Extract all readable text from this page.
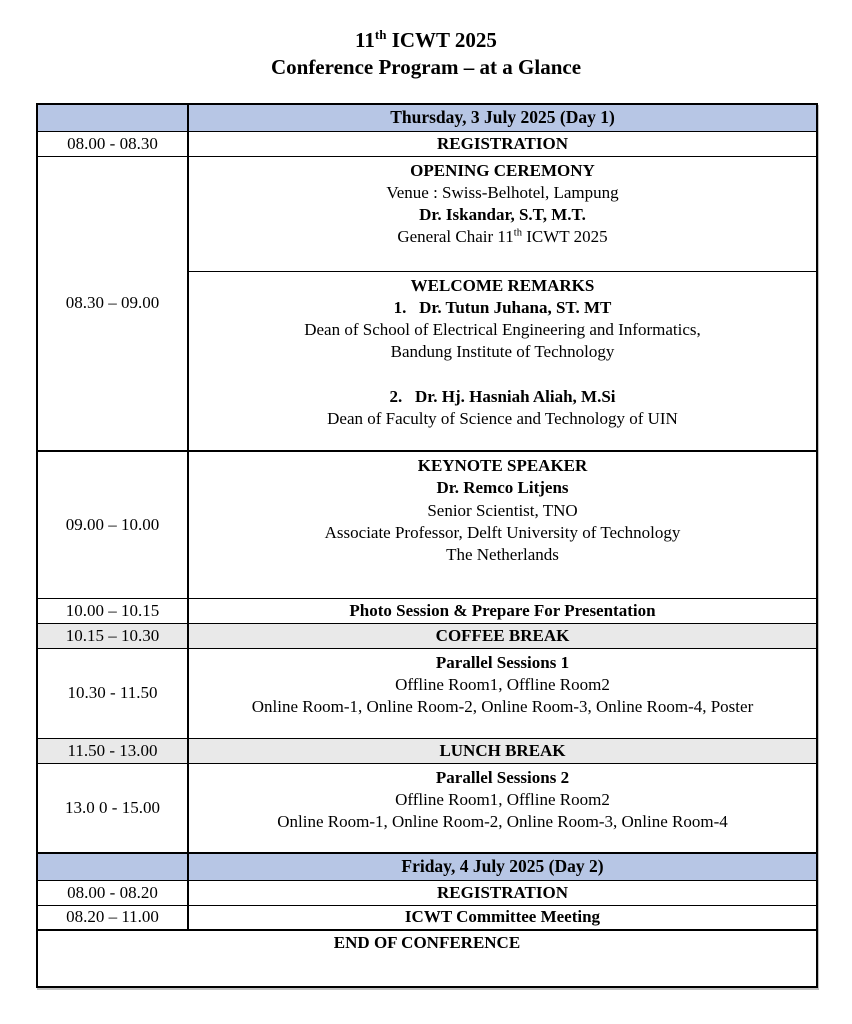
11th ICWT 2025
Conference Program – at a Glance
	Thursday, 3 July 2025 (Day 1)
08.00 - 08.30	REGISTRATION
08.30 – 09.00	OPENING CEREMONY
Venue : Swiss-Belhotel, Lampung
Dr. Iskandar, S.T, M.T.
General Chair 11th ICWT 2025

WELCOME REMARKS
1.   Dr. Tutun Juhana, ST. MT
Dean of School of Electrical Engineering and Informatics,
Bandung Institute of Technology
2.   Dr. Hj. Hasniah Aliah, M.Si
Dean of Faculty of Science and Technology of UIN

09.00 – 10.00	KEYNOTE SPEAKER
Dr. Remco Litjens
Senior Scientist, TNO
Associate Professor, Delft University of Technology
The Netherlands

10.00 – 10.15	Photo Session & Prepare For Presentation
10.15 – 10.30	COFFEE BREAK
10.30 - 11.50	Parallel Sessions 1
Offline Room1, Offline Room2
Online Room-1, Online Room-2, Online Room-3, Online Room-4, Poster

11.50 - 13.00	LUNCH BREAK
13.0 0 - 15.00	Parallel Sessions 2
Offline Room1, Offline Room2
Online Room-1, Online Room-2, Online Room-3, Online Room-4

	Friday, 4 July 2025 (Day 2)
08.00 - 08.20	REGISTRATION
08.20 – 11.00	ICWT Committee Meeting
END OF CONFERENCE	
